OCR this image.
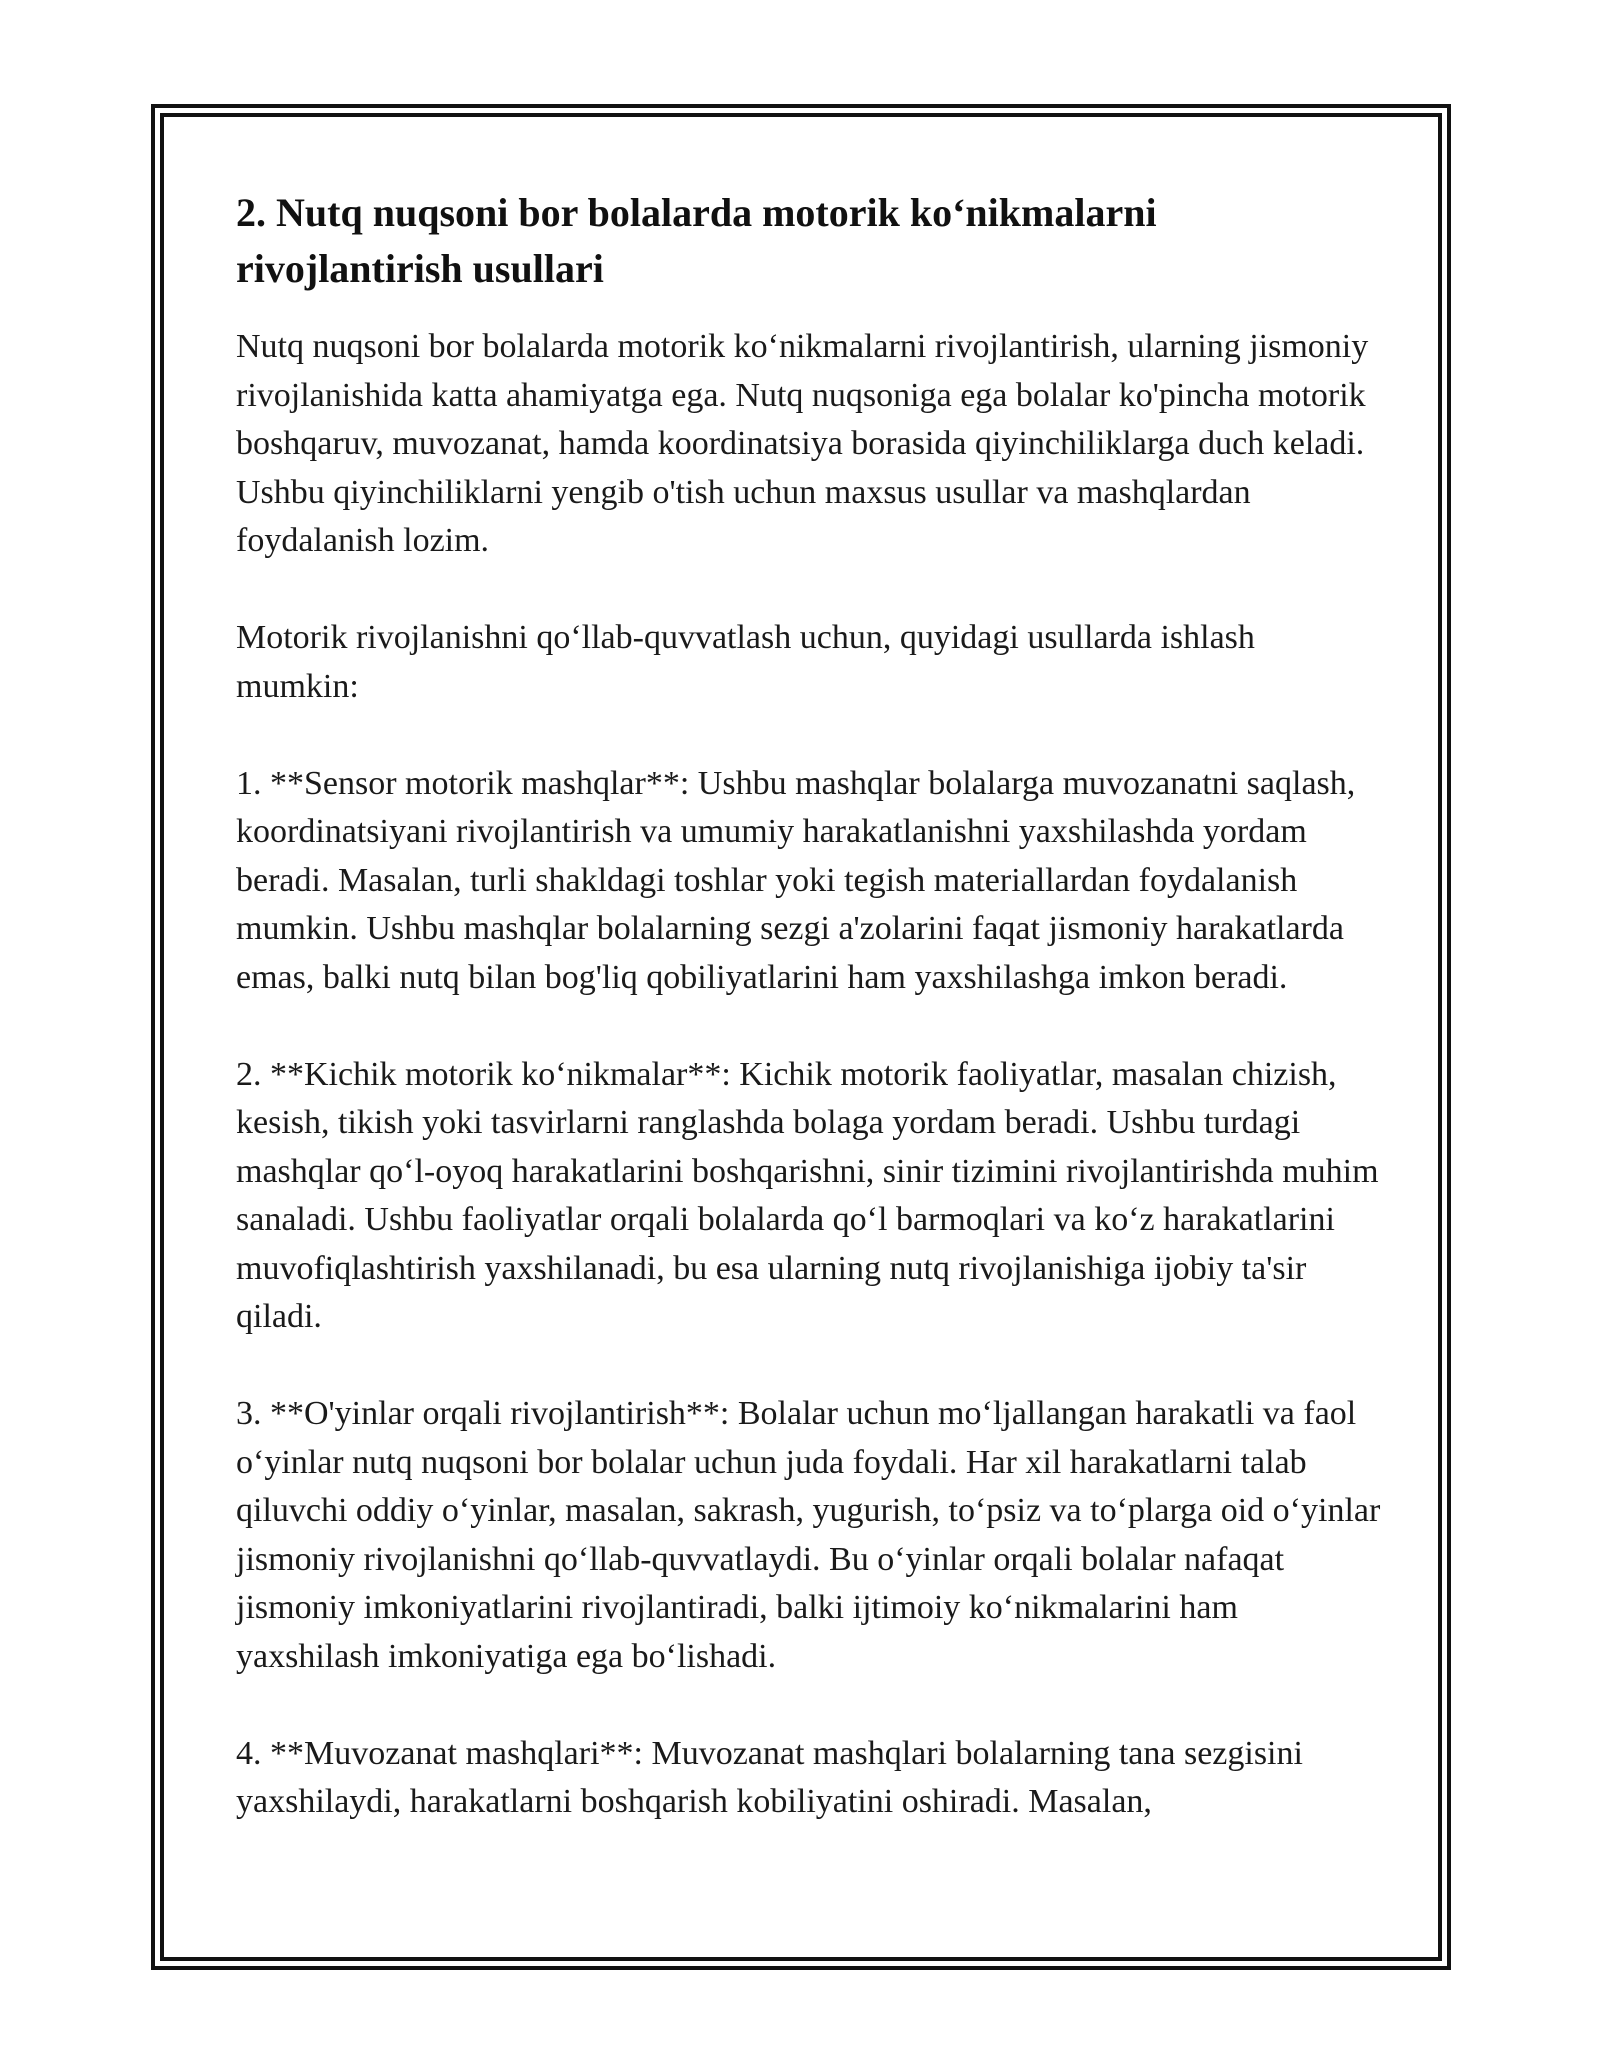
2. Nutq nuqsoni bor bolalarda motorik ko‘nikmalarni rivojlantirish usullari

Nutq nuqsoni bor bolalarda motorik ko‘nikmalarni rivojlantirish, ularning jismoniy rivojlanishida katta ahamiyatga ega. Nutq nuqsoniga ega bolalar ko'pincha motorik boshqaruv, muvozanat, hamda koordinatsiya borasida qiyinchiliklarga duch keladi. Ushbu qiyinchiliklarni yengib o'tish uchun maxsus usullar va mashqlardan foydalanish lozim.

Motorik rivojlanishni qo‘llab-quvvatlash uchun, quyidagi usullarda ishlash mumkin:

1. **Sensor motorik mashqlar**: Ushbu mashqlar bolalarga muvozanatni saqlash, koordinatsiyani rivojlantirish va umumiy harakatlanishni yaxshilashda yordam beradi. Masalan, turli shakldagi toshlar yoki tegish materiallardan foydalanish mumkin. Ushbu mashqlar bolalarning sezgi a'zolarini faqat jismoniy harakatlarda emas, balki nutq bilan bog'liq qobiliyatlarini ham yaxshilashga imkon beradi.

2. **Kichik motorik ko‘nikmalar**: Kichik motorik faoliyatlar, masalan chizish, kesish, tikish yoki tasvirlarni ranglashda bolaga yordam beradi. Ushbu turdagi mashqlar qo‘l-oyoq harakatlarini boshqarishni, sinir tizimini rivojlantirishda muhim sanaladi. Ushbu faoliyatlar orqali bolalarda qo‘l barmoqlari va ko‘z harakatlarini muvofiqlashtirish yaxshilanadi, bu esa ularning nutq rivojlanishiga ijobiy ta'sir qiladi.

3. **O'yinlar orqali rivojlantirish**: Bolalar uchun mo‘ljallangan harakatli va faol o‘yinlar nutq nuqsoni bor bolalar uchun juda foydali. Har xil harakatlarni talab qiluvchi oddiy o‘yinlar, masalan, sakrash, yugurish, to‘psiz va to‘plarga oid o‘yinlar jismoniy rivojlanishni qo‘llab-quvvatlaydi. Bu o‘yinlar orqali bolalar nafaqat jismoniy imkoniyatlarini rivojlantiradi, balki ijtimoiy ko‘nikmalarini ham yaxshilash imkoniyatiga ega bo‘lishadi.

4. **Muvozanat mashqlari**: Muvozanat mashqlari bolalarning tana sezgisini yaxshilaydi, harakatlarni boshqarish kobiliyatini oshiradi. Masalan,
